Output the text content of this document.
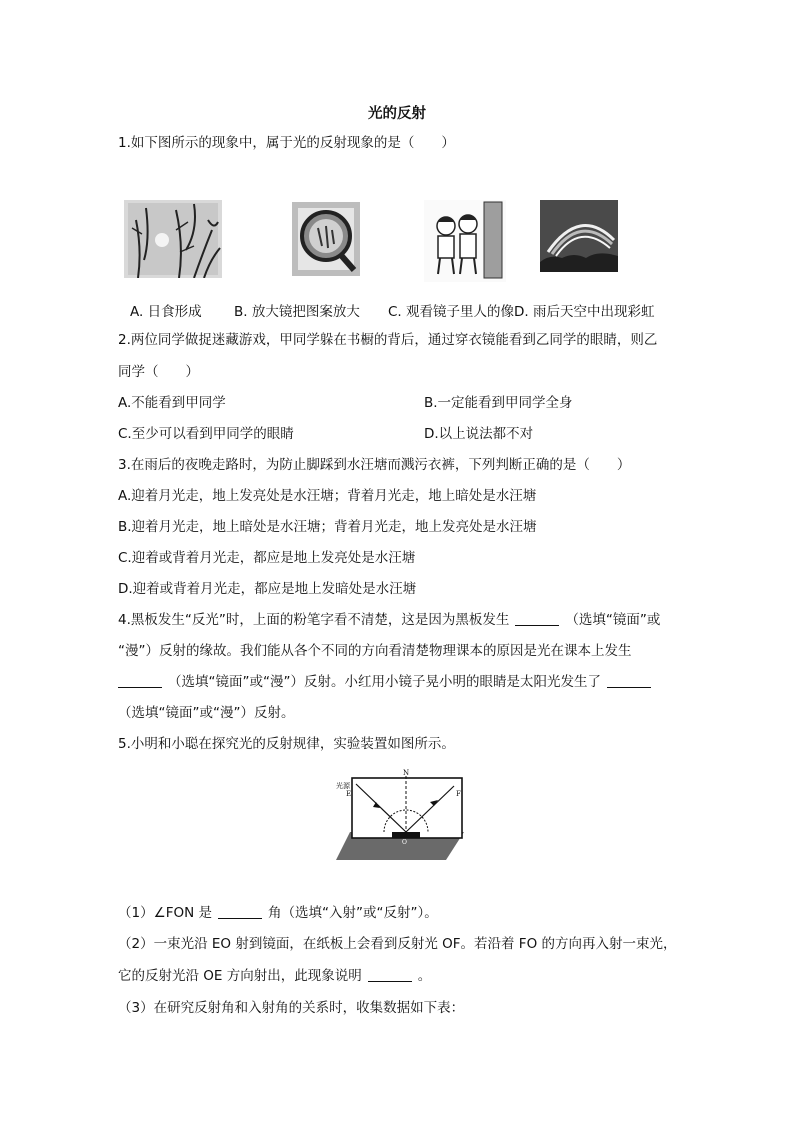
光的反射
1.如下图所示的现象中，属于光的反射现象的是（　　）
A. 日食形成 B. 放大镜把图案放大 C. 观看镜子里人的像 D. 雨后天空中出现彩虹
2.两位同学做捉迷藏游戏，甲同学躲在书橱的背后，通过穿衣镜能看到乙同学的眼睛，则乙
同学（　　）
A.不能看到甲同学	B.一定能看到甲同学全身
C.至少可以看到甲同学的眼睛	D.以上说法都不对
3.在雨后的夜晚走路时，为防止脚踩到水汪塘而溅污衣裤，下列判断正确的是（　　）
A.迎着月光走，地上发亮处是水汪塘；背着月光走，地上暗处是水汪塘
B.迎着月光走，地上暗处是水汪塘；背着月光走，地上发亮处是水汪塘
C.迎着或背着月光走，都应是地上发亮处是水汪塘
D.迎着或背着月光走，都应是地上发暗处是水汪塘
4.黑板发生“反光”时，上面的粉笔字看不清楚，这是因为黑板发生	（选填“镜面”或
“漫”）反射的缘故。我们能从各个不同的方向看清楚物理课本的原因是光在课本上发生
（选填“镜面”或“漫”）反射。小红用小镜子晃小明的眼睛是太阳光发生了
（选填“镜面”或“漫”）反射。
5.小明和小聪在探究光的反射规律，实验装置如图所示。
N
E	F
O
光源
（1）∠FON 是	角（选填“入射”或“反射”）。
（2）一束光沿 EO 射到镜面，在纸板上会看到反射光 OF。若沿着 FO 的方向再入射一束光，
它的反射光沿 OE 方向射出，此现象说明	。
（3）在研究反射角和入射角的关系时，收集数据如下表：
